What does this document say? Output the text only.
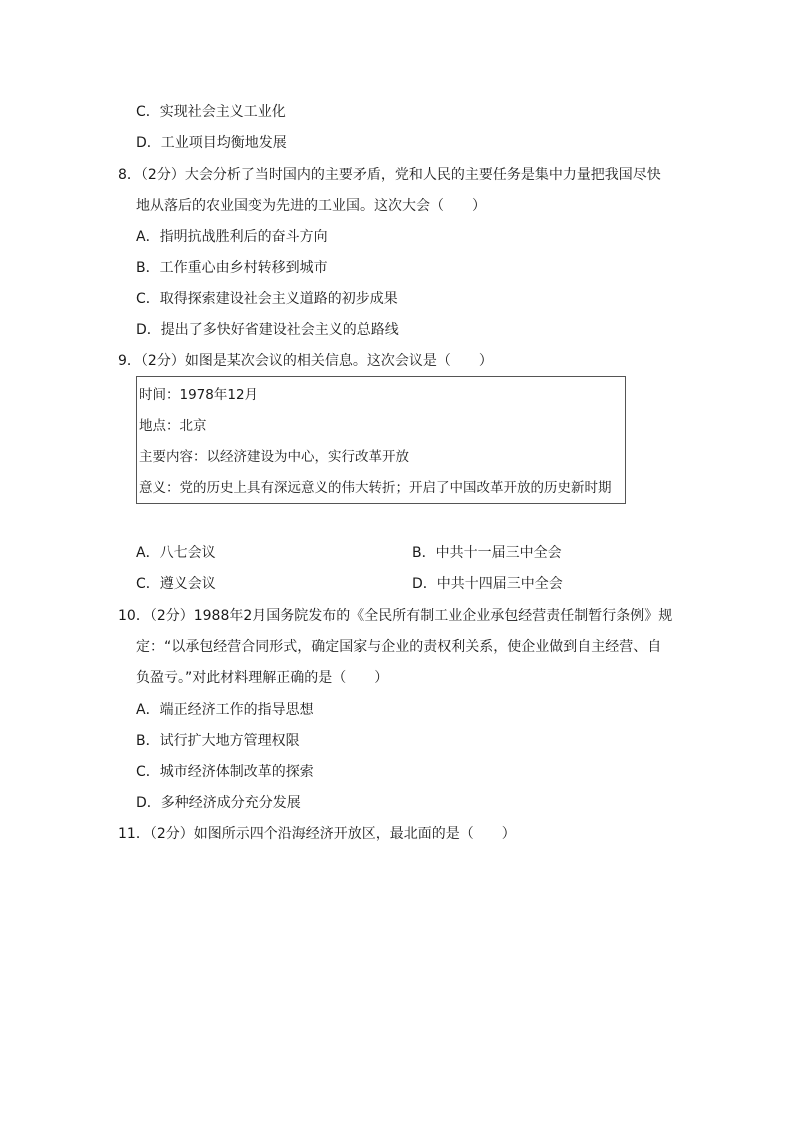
C．实现社会主义工业化
D．工业项目均衡地发展
8．（2分）大会分析了当时国内的主要矛盾，党和人民的主要任务是集中力量把我国尽快
地从落后的农业国变为先进的工业国。这次大会（　　）
A．指明抗战胜利后的奋斗方向
B．工作重心由乡村转移到城市
C．取得探索建设社会主义道路的初步成果
D．提出了多快好省建设社会主义的总路线
9．（2分）如图是某次会议的相关信息。这次会议是（　　）
时间：1978年12月
地点：北京
主要内容：以经济建设为中心，实行改革开放
意义：党的历史上具有深远意义的伟大转折；开启了中国改革开放的历史新时期
A．八七会议	B．中共十一届三中全会
C．遵义会议	D．中共十四届三中全会
10．（2分）1988年2月国务院发布的《全民所有制工业企业承包经营责任制暂行条例》规
定：“以承包经营合同形式，确定国家与企业的责权利关系，使企业做到自主经营、自
负盈亏。”对此材料理解正确的是（　　）
A．端正经济工作的指导思想
B．试行扩大地方管理权限
C．城市经济体制改革的探索
D．多种经济成分充分发展
11．（2分）如图所示四个沿海经济开放区，最北面的是（　　）
